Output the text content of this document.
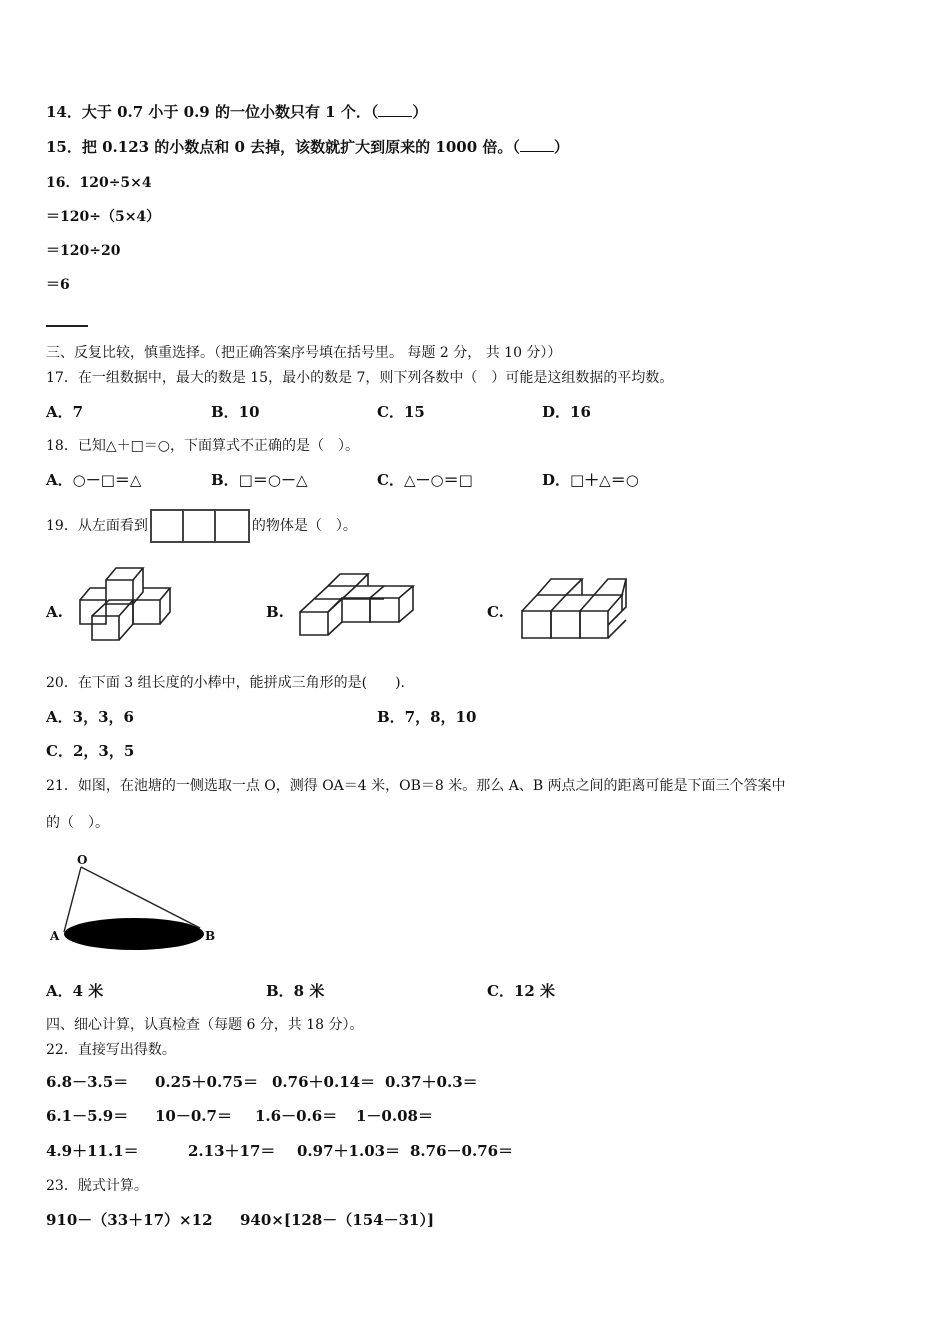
14．大于 0.7 小于 0.9 的一位小数只有 1 个．（ ）
15．把 0.123 的小数点和 0 去掉，该数就扩大到原来的 1000 倍。（ ）
16．120÷5×4
＝120÷（5×4）
＝120÷20
＝6
三、反复比较，慎重选择。（把正确答案序号填在括号里。 每题 2 分， 共 10 分））
17．在一组数据中，最大的数是 15，最小的数是 7，则下列各数中（　）可能是这组数据的平均数。
A．7	B．10	C．15	D．16
18．已知△＋□＝○，下面算式不正确的是（　）。
A．○－□＝△	B．□＝○－△	C．△－○＝□	D．□＋△＝○
19．从左面看到	的物体是（　）。
A.	B.	C.
20．在下面 3 组长度的小棒中，能拼成三角形的是(　　).
A．3，3，6	B．7，8，10
C．2，3，5
21．如图，在池塘的一侧选取一点 O，测得 OA＝4 米，OB＝8 米。那么 A、B 两点之间的距离可能是下面三个答案中
的（　）。
O
A	B
A．4 米	B．8 米	C．12 米
四、细心计算，认真检查（每题 6 分，共 18 分）。
22．直接写出得数。
6.8－3.5＝ 0.25＋0.75＝ 0.76＋0.14＝ 0.37＋0.3＝
6.1－5.9＝ 10－0.7＝ 1.6－0.6＝ 1－0.08＝
4.9＋11.1＝	2.13＋17＝ 0.97＋1.03＝ 8.76－0.76＝
23．脱式计算。
910－（33＋17）×12 940×[128－（154－31）]
